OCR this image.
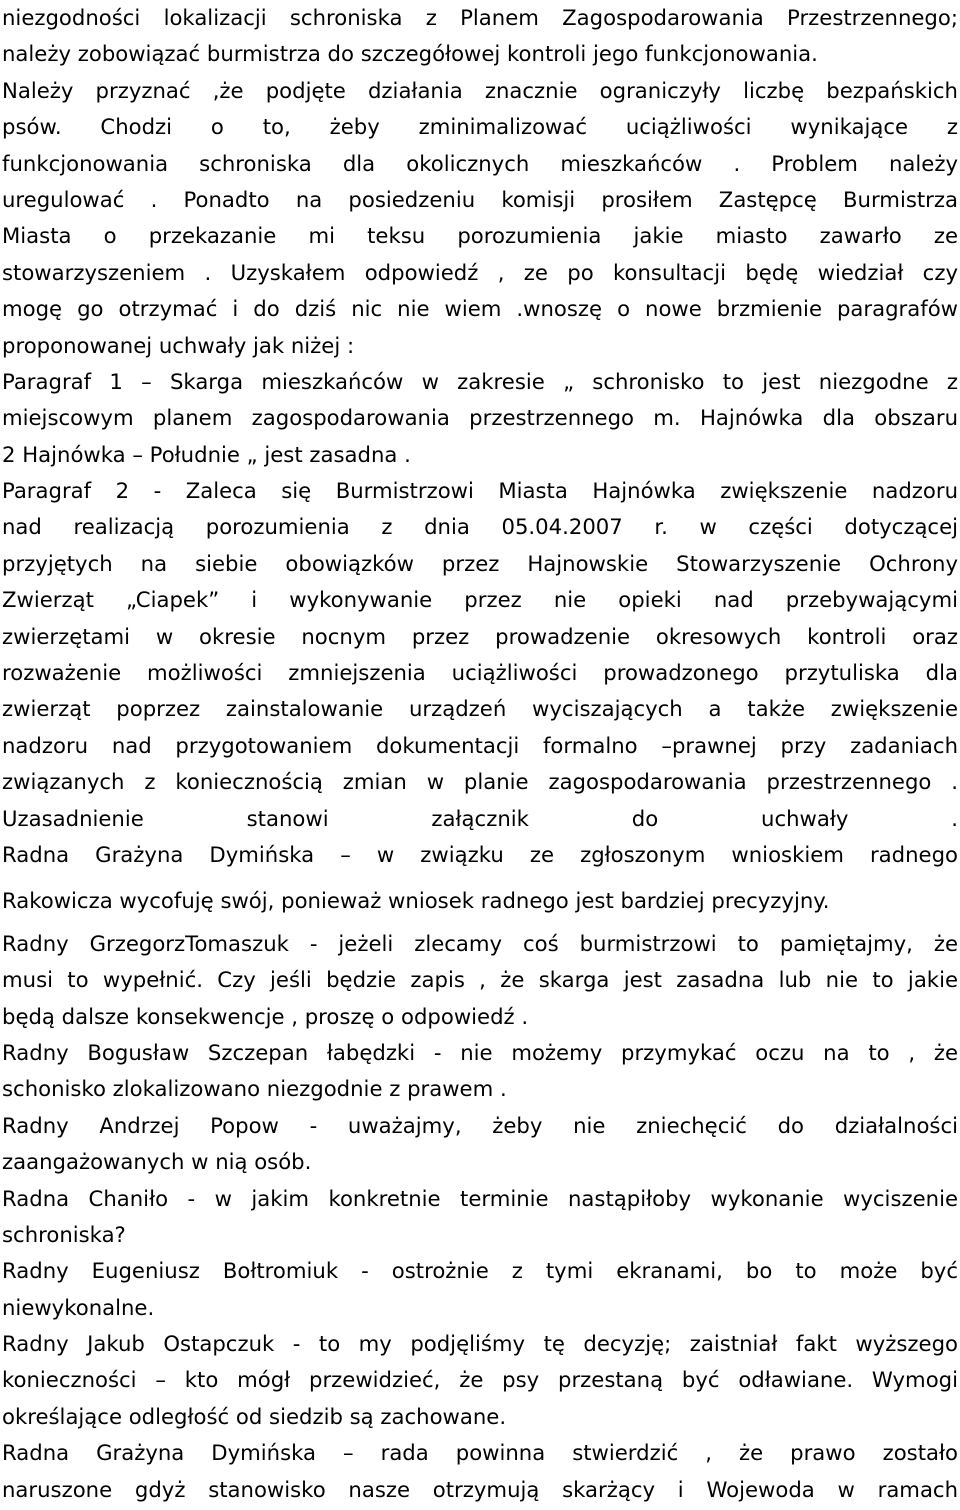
niezgodności lokalizacji schroniska z Planem Zagospodarowania Przestrzennego;
należy zobowiązać burmistrza do szczegółowej kontroli jego funkcjonowania.
Należy przyznać ,że podjęte działania znacznie ograniczyły liczbę bezpańskich
psów. Chodzi o to, żeby zminimalizować uciążliwości wynikające z
funkcjonowania schroniska dla okolicznych mieszkańców . Problem należy
uregulować . Ponadto na posiedzeniu komisji prosiłem Zastępcę Burmistrza
Miasta o przekazanie mi teksu porozumienia jakie miasto zawarło ze
stowarzyszeniem . Uzyskałem odpowiedź , ze po konsultacji będę wiedział czy
mogę go otrzymać i do dziś nic nie wiem .wnoszę o nowe brzmienie paragrafów
proponowanej uchwały jak niżej :
Paragraf 1 – Skarga mieszkańców w zakresie „ schronisko to jest niezgodne z
miejscowym planem zagospodarowania przestrzennego m. Hajnówka dla obszaru
2 Hajnówka – Południe „ jest zasadna .
Paragraf 2 - Zaleca się Burmistrzowi Miasta Hajnówka zwiększenie nadzoru
nad realizacją porozumienia z dnia 05.04.2007 r. w części dotyczącej
przyjętych na siebie obowiązków przez Hajnowskie Stowarzyszenie Ochrony
Zwierząt „Ciapek” i wykonywanie przez nie opieki nad przebywającymi
zwierzętami w okresie nocnym przez prowadzenie okresowych kontroli oraz
rozważenie możliwości zmniejszenia uciążliwości prowadzonego przytuliska dla
zwierząt poprzez zainstalowanie urządzeń wyciszających a także zwiększenie
nadzoru nad przygotowaniem dokumentacji formalno –prawnej przy zadaniach
związanych z koniecznością zmian w planie zagospodarowania przestrzennego .
Uzasadnienie stanowi załącznik do uchwały .
Radna Grażyna Dymińska – w związku ze zgłoszonym wnioskiem radnego
Rakowicza wycofuję swój, ponieważ wniosek radnego jest bardziej precyzyjny.
Radny GrzegorzTomaszuk - jeżeli zlecamy coś burmistrzowi to pamiętajmy, że
musi to wypełnić. Czy jeśli będzie zapis , że skarga jest zasadna lub nie to jakie
będą dalsze konsekwencje , proszę o odpowiedź .
Radny Bogusław Szczepan łabędzki - nie możemy przymykać oczu na to , że
schonisko zlokalizowano niezgodnie z prawem .
Radny Andrzej Popow - uważajmy, żeby nie zniechęcić do działalności
zaangażowanych w nią osób.
Radna Chaniło - w jakim konkretnie terminie nastąpiłoby wykonanie wyciszenie
schroniska?
Radny Eugeniusz Bołtromiuk - ostrożnie z tymi ekranami, bo to może być
niewykonalne.
Radny Jakub Ostapczuk - to my podjęliśmy tę decyzję; zaistniał fakt wyższego
konieczności – kto mógł przewidzieć, że psy przestaną być odławiane. Wymogi
określające odległość od siedzib są zachowane.
Radna Grażyna Dymińska – rada powinna stwierdzić , że prawo zostało
naruszone gdyż stanowisko nasze otrzymują skarżący i Wojewoda w ramach
